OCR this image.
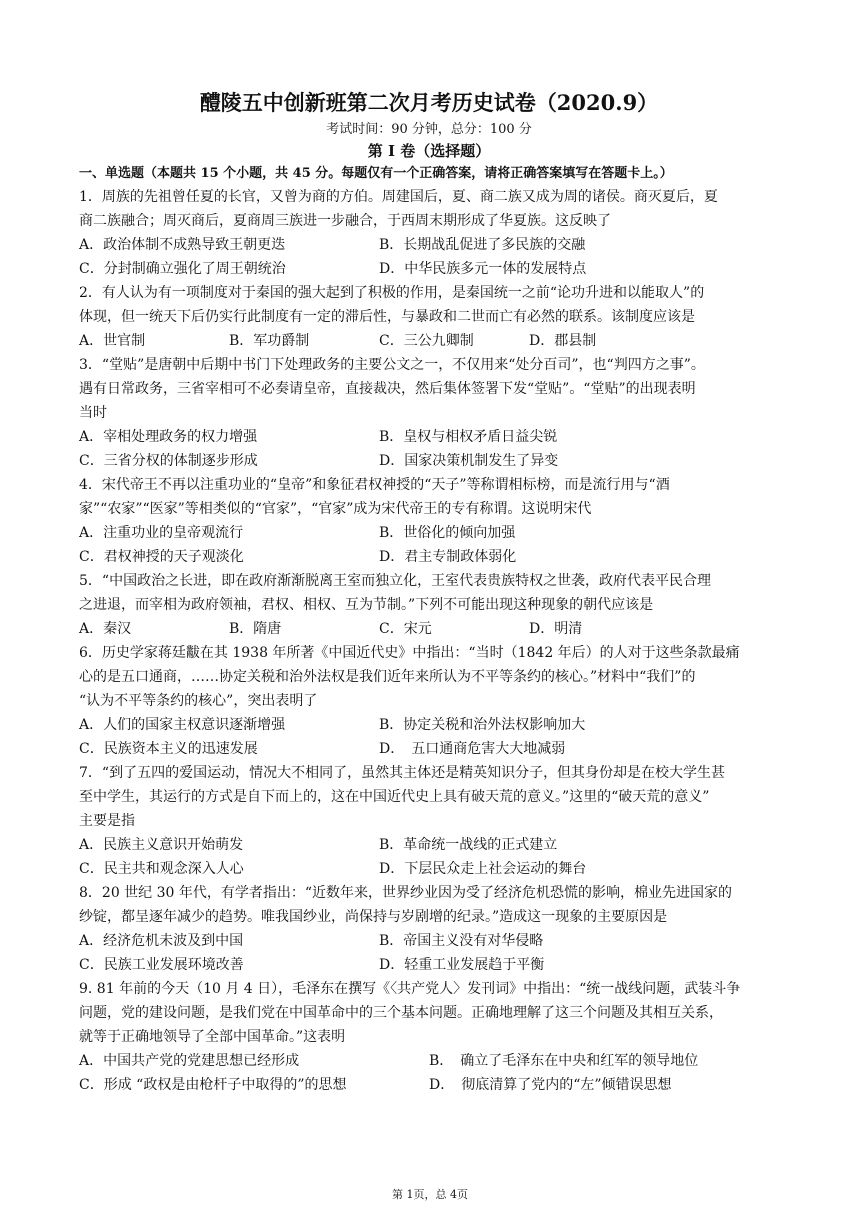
醴陵五中创新班第二次月考历史试卷（2020.9）
考试时间：90 分钟，总分：100 分
第 I 卷（选择题）
一、单选题（本题共 15 个小题，共 45 分。每题仅有一个正确答案，请将正确答案填写在答题卡上。）

1．周族的先祖曾任夏的长官，又曾为商的方伯。周建国后，夏、商二族又成为周的诸侯。商灭夏后，夏

商二族融合；周灭商后，夏商周三族进一步融合，于西周末期形成了华夏族。这反映了

A．政治体制不成熟导致王朝更迭	B．长期战乱促进了多民族的交融
C．分封制确立强化了周王朝统治	D．中华民族多元一体的发展特点

2．有人认为有一项制度对于秦国的强大起到了积极的作用，是秦国统一之前“论功升进和以能取人”的

体现，但一统天下后仍实行此制度有一定的滞后性，与暴政和二世而亡有必然的联系。该制度应该是

A．世官制	B．军功爵制	C．三公九卿制	D．郡县制

3．“堂贴”是唐朝中后期中书门下处理政务的主要公文之一，不仅用来“处分百司”，也“判四方之事”。

遇有日常政务，三省宰相可不必奏请皇帝，直接裁决，然后集体签署下发“堂贴”。“堂贴”的出现表明

当时

A．宰相处理政务的权力增强	B．皇权与相权矛盾日益尖锐
C．三省分权的体制逐步形成	D．国家决策机制发生了异变

4．宋代帝王不再以注重功业的“皇帝”和象征君权神授的“天子”等称谓相标榜，而是流行用与“酒

家”“农家”“医家”等相类似的“官家”，“官家”成为宋代帝王的专有称谓。这说明宋代

A．注重功业的皇帝观流行	B．世俗化的倾向加强
C．君权神授的天子观淡化	D．君主专制政体弱化

5．“中国政治之长进，即在政府渐渐脱离王室而独立化，王室代表贵族特权之世袭，政府代表平民合理

之进退，而宰相为政府领袖，君权、相权、互为节制。”下列不可能出现这种现象的朝代应该是

A．秦汉	B．隋唐	C．宋元	D．明清

6．历史学家蒋廷黻在其 1938 年所著《中国近代史》中指出：“当时（1842 年后）的人对于这些条款最痛

心的是五口通商，……协定关税和治外法权是我们近年来所认为不平等条约的核心。”材料中“我们”的

“认为不平等条约的核心”，突出表明了

A．人们的国家主权意识逐渐增强	B．协定关税和治外法权影响加大
C．民族资本主义的迅速发展	D．　五口通商危害大大地减弱

7．“到了五四的爱国运动，情况大不相同了，虽然其主体还是精英知识分子，但其身份却是在校大学生甚

至中学生，其运行的方式是自下而上的，这在中国近代史上具有破天荒的意义。”这里的“破天荒的意义”

主要是指

A．民族主义意识开始萌发	B．革命统一战线的正式建立
C．民主共和观念深入人心	D．下层民众走上社会运动的舞台

8．20 世纪 30 年代，有学者指出：“近数年来，世界纱业因为受了经济危机恐慌的影响，棉业先进国家的

纱锭，都呈逐年减少的趋势。唯我国纱业，尚保持与岁剧增的纪录。”造成这一现象的主要原因是

A．经济危机未波及到中国	B．帝国主义没有对华侵略
C．民族工业发展环境改善	D．轻重工业发展趋于平衡

9. 81 年前的今天（10 月 4 日），毛泽东在撰写《〈共产党人〉发刊词》中指出：“统一战线问题，武装斗争

问题，党的建设问题，是我们党在中国革命中的三个基本问题。正确地理解了这三个问题及其相互关系，

就等于正确地领导了全部中国革命。”这表明

A．中国共产党的党建思想已经形成	B．　确立了毛泽东在中央和红军的领导地位
C．形成 “政权是由枪杆子中取得的”的思想	D．　彻底清算了党内的“左”倾错误思想
第 1页，总 4页
